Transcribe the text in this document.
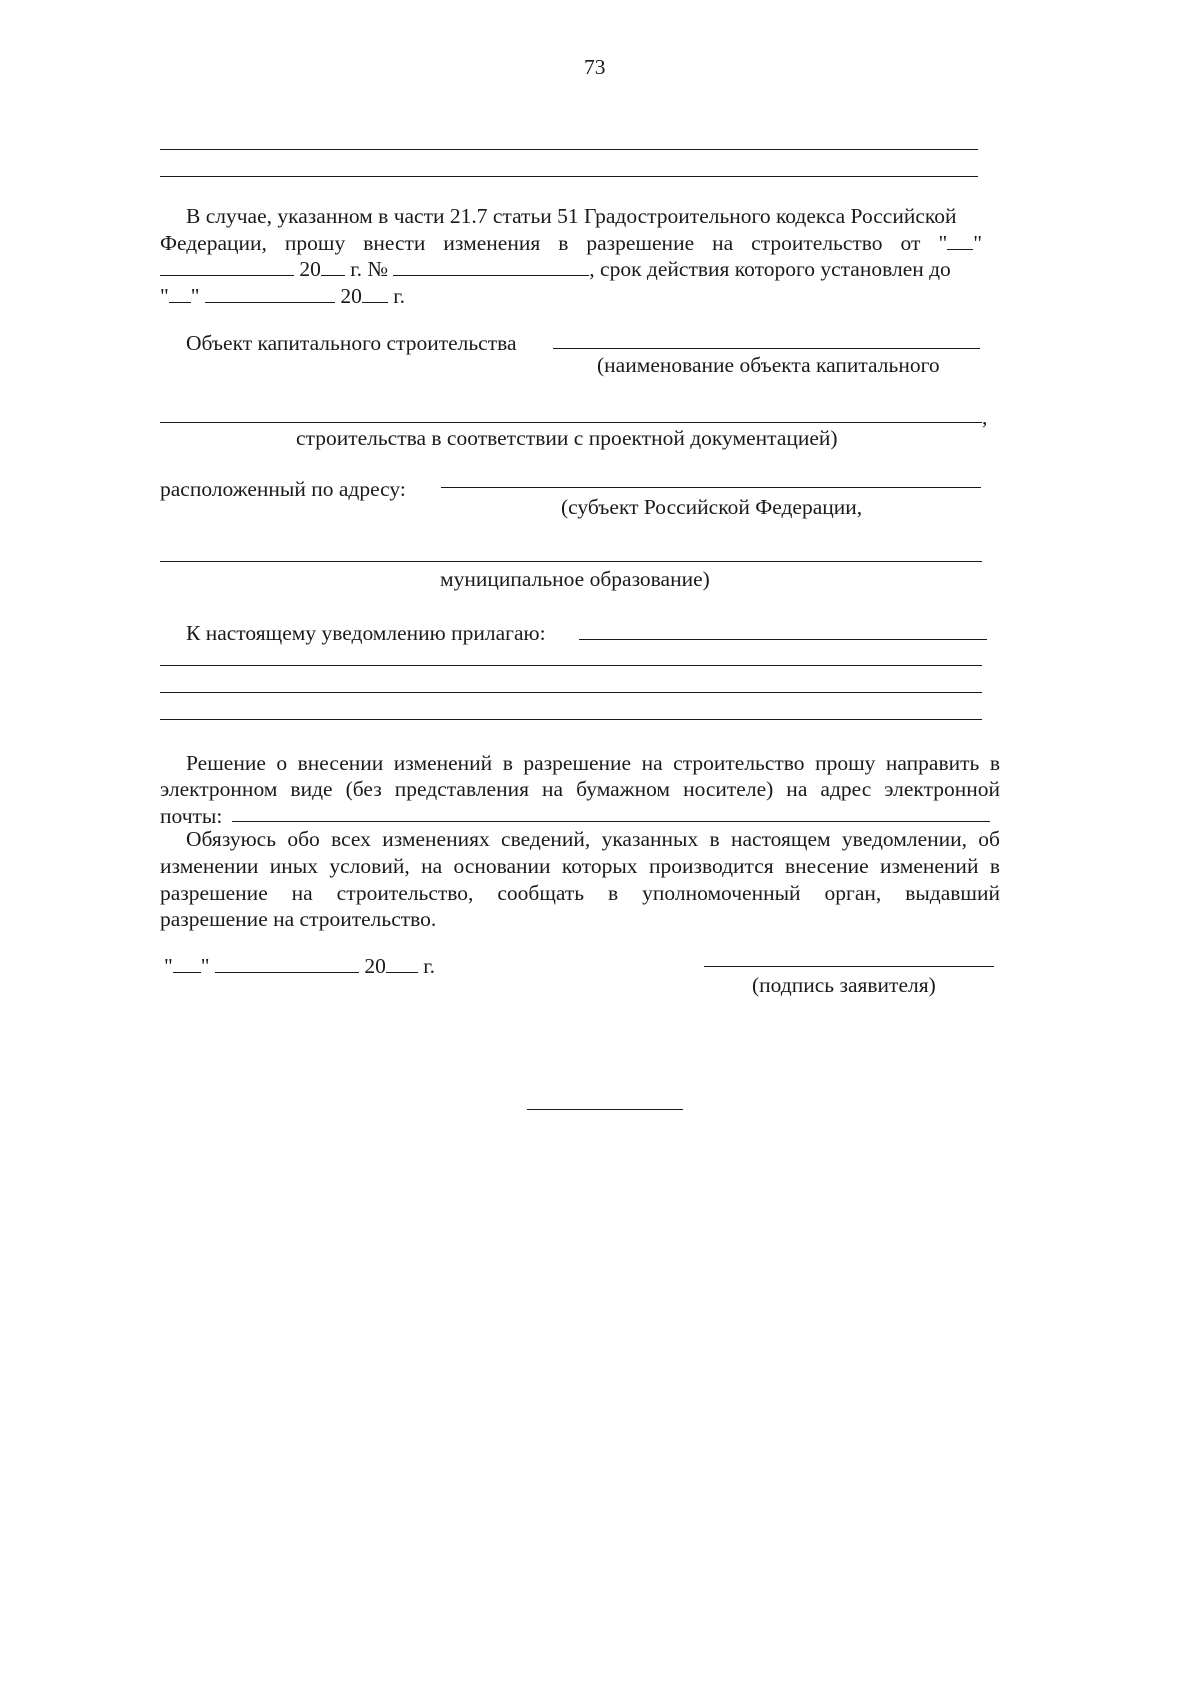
73
В случае, указанном в части 21.7 статьи 51 Градостроительного кодекса Российской
Федерации, прошу внести изменения в разрешение на строительство от " "
20 г. №	, срок действия которого установлен до
" "	20 г.
Объект капитального строительства
(наименование объекта капитального
,
строительства в соответствии с проектной документацией)
расположенный по адресу:
(субъект Российской Федерации,
муниципальное образование)
К настоящему уведомлению прилагаю:
Решение о внесении изменений в разрешение на строительство прошу направить в
электронном виде (без представления на бумажном носителе) на адрес электронной
почты:
Обязуюсь обо всех изменениях сведений, указанных в настоящем уведомлении, об
изменении иных условий, на основании которых производится внесение изменений в
разрешение на строительство, сообщать в уполномоченный орган, выдавший
разрешение на строительство.
" "	20 г.
(подпись заявителя)
